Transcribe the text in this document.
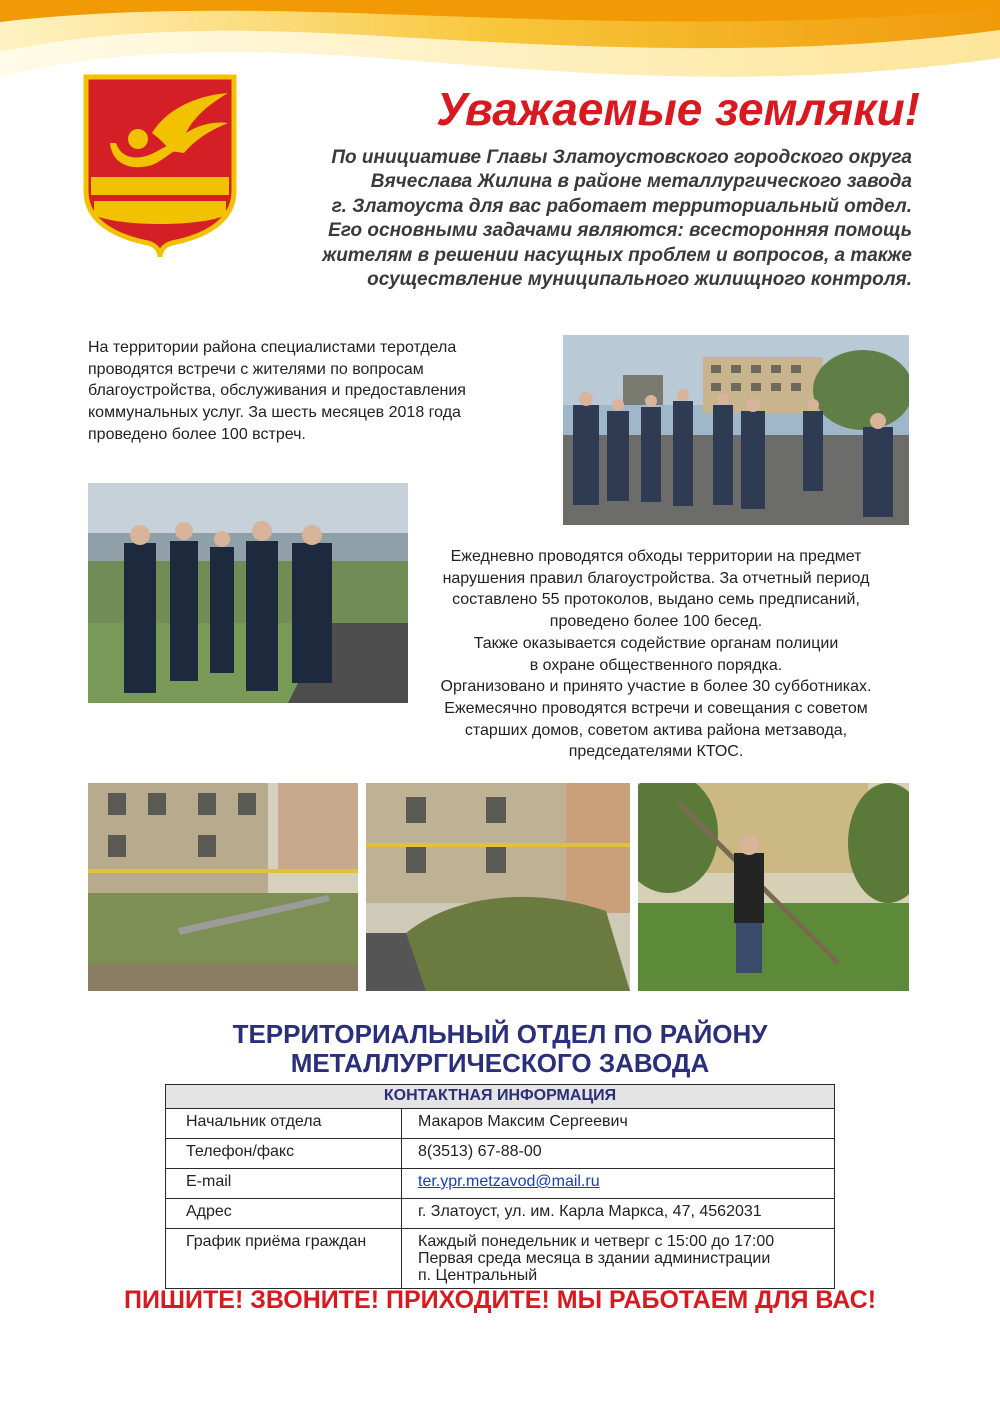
Уважаемые земляки!
По инициативе Главы Златоустовского городского округа
Вячеслава Жилина в районе металлургического завода
г. Златоуста для вас работает территориальный отдел.
Его основными задачами являются: всесторонняя помощь
жителям в решении насущных проблем и вопросов, а также
осуществление муниципального жилищного контроля.
На территории района специалистами теротдела
проводятся встречи с жителями по вопросам
благоустройства, обслуживания и предоставления
коммунальных услуг. За шесть месяцев 2018 года
проведено более 100 встреч.
Ежедневно проводятся обходы территории на предмет
нарушения правил благоустройства. За отчетный период
составлено 55 протоколов, выдано семь предписаний,
проведено более 100 бесед.
Также оказывается содействие органам полиции
в охране общественного порядка.
Организовано и принято участие в более 30 субботниках.
Ежемесячно проводятся встречи и совещания с советом
старших домов, советом актива района метзавода,
председателями КТОС.
ТЕРРИТОРИАЛЬНЫЙ ОТДЕЛ ПО РАЙОНУ
МЕТАЛЛУРГИЧЕСКОГО ЗАВОДА
КОНТАКТНАЯ ИНФОРМАЦИЯ	
Начальник отдела	Макаров Максим Сергеевич
Телефон/факс	8(3513) 67-88-00
E-mail	ter.ypr.metzavod@mail.ru
Адрес	г. Златоуст, ул. им. Карла Маркса, 47, 4562031
График приёма граждан	Каждый понедельник и четверг с 15:00 до 17:00
Первая среда месяца в здании администрации
п. Центральный
ПИШИТЕ! ЗВОНИТЕ! ПРИХОДИТЕ! МЫ РАБОТАЕМ ДЛЯ ВАС!
